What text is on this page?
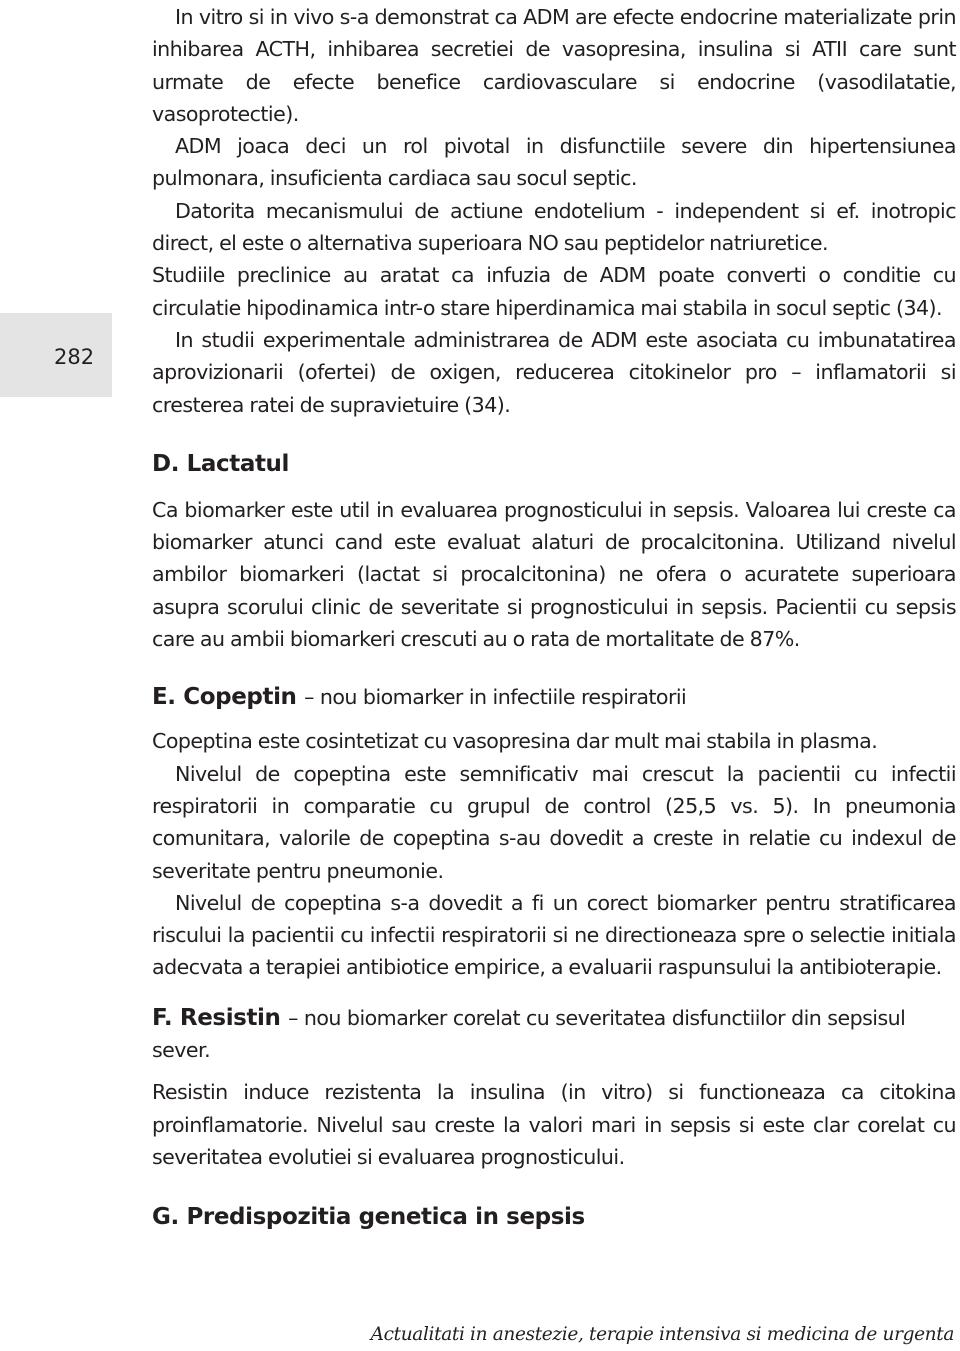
282

In vitro si in vivo s-a demonstrat ca ADM are efecte endocrine materializate prin inhibarea ACTH, inhibarea secretiei de vasopresina, insulina si ATII care sunt urmate de efecte benefice cardiovasculare si endocrine (vasodilatatie, vasoprotectie).

ADM joaca deci un rol pivotal in disfunctiile severe din hipertensiunea pulmonara, insuficienta cardiaca sau socul septic.

Datorita mecanismului de actiune endotelium - independent si ef. inotropic direct, el este o alternativa superioara NO sau peptidelor natriuretice.

Studiile preclinice au aratat ca infuzia de ADM poate converti o conditie cu circulatie hipodinamica intr-o stare hiperdinamica mai stabila in socul septic (34).

In studii experimentale administrarea de ADM este asociata cu imbunatatirea aprovizionarii (ofertei) de oxigen, reducerea citokinelor pro – inflamatorii si cresterea ratei de supravietuire (34).

D. Lactatul

Ca biomarker este util in evaluarea prognosticului in sepsis. Valoarea lui creste ca biomarker atunci cand este evaluat alaturi de procalcitonina. Utilizand nivelul ambilor biomarkeri (lactat si procalcitonina) ne ofera o acuratete superioara asupra scorului clinic de severitate si prognosticului in sepsis. Pacientii cu sepsis care au ambii biomarkeri crescuti au o rata de mortalitate de 87%.

E. Copeptin – nou biomarker in infectiile respiratorii

Copeptina este cosintetizat cu vasopresina dar mult mai stabila in plasma.

Nivelul de copeptina este semnificativ mai crescut la pacientii cu infectii respiratorii in comparatie cu grupul de control (25,5 vs. 5). In pneumonia comunitara, valorile de copeptina s-au dovedit a creste in relatie cu indexul de severitate pentru pneumonie.

Nivelul de copeptina s-a dovedit a fi un corect biomarker pentru stratificarea riscului la pacientii cu infectii respiratorii si ne directioneaza spre o selectie initiala adecvata a terapiei antibiotice empirice, a evaluarii raspunsului la antibioterapie.

F. Resistin – nou biomarker corelat cu severitatea disfunctiilor din sepsisul sever.

Resistin induce rezistenta la insulina (in vitro) si functioneaza ca citokina proinflamatorie. Nivelul sau creste la valori mari in sepsis si este clar corelat cu severitatea evolutiei si evaluarea prognosticului.

G. Predispozitia genetica in sepsis
Actualitati in anestezie, terapie intensiva si medicina de urgenta
